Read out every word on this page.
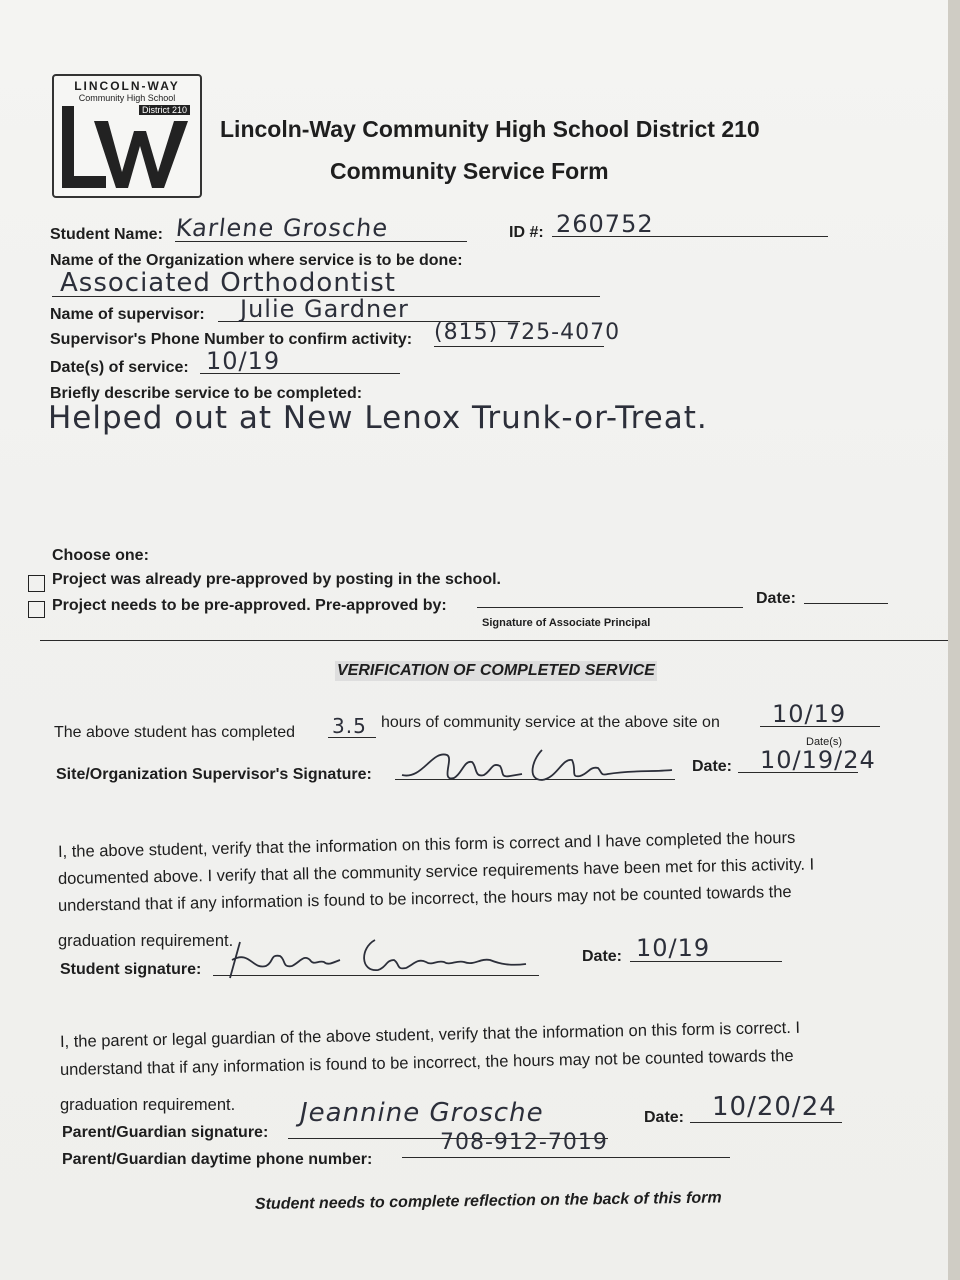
LINCOLN-WAY
Community High School
District 210
Lincoln-Way Community High School District 210
Community Service Form
Student Name: Karlene Grosche	ID #: 260752
Name of the Organization where service is to be done:
Associated Orthodontist
Name of supervisor: Julie Gardner
Supervisor's Phone Number to confirm activity: (815) 725-4070
Date(s) of service: 10/19
Briefly describe service to be completed:
Helped out at New Lenox Trunk-or-Treat.
Choose one:
Project was already pre-approved by posting in the school.
Project needs to be pre-approved. Pre-approved by:
Signature of Associate Principal
Date:
VERIFICATION OF COMPLETED SERVICE
The above student has completed 3.5 hours of community service at the above site on 10/19
Date(s)
Site/Organization Supervisor's Signature:	Date: 10/19/24
I, the above student, verify that the information on this form is correct and I have completed the hours
documented above. I verify that all the community service requirements have been met for this activity. I
understand that if any information is found to be incorrect, the hours may not be counted towards the
graduation requirement.
Student signature:
Date: 10/19
I, the parent or legal guardian of the above student, verify that the information on this form is correct. I
understand that if any information is found to be incorrect, the hours may not be counted towards the
graduation requirement.
Parent/Guardian signature:
Jeannine Grosche	Date: 10/20/24
Parent/Guardian daytime phone number:
708-912-7019
Student needs to complete reflection on the back of this form
